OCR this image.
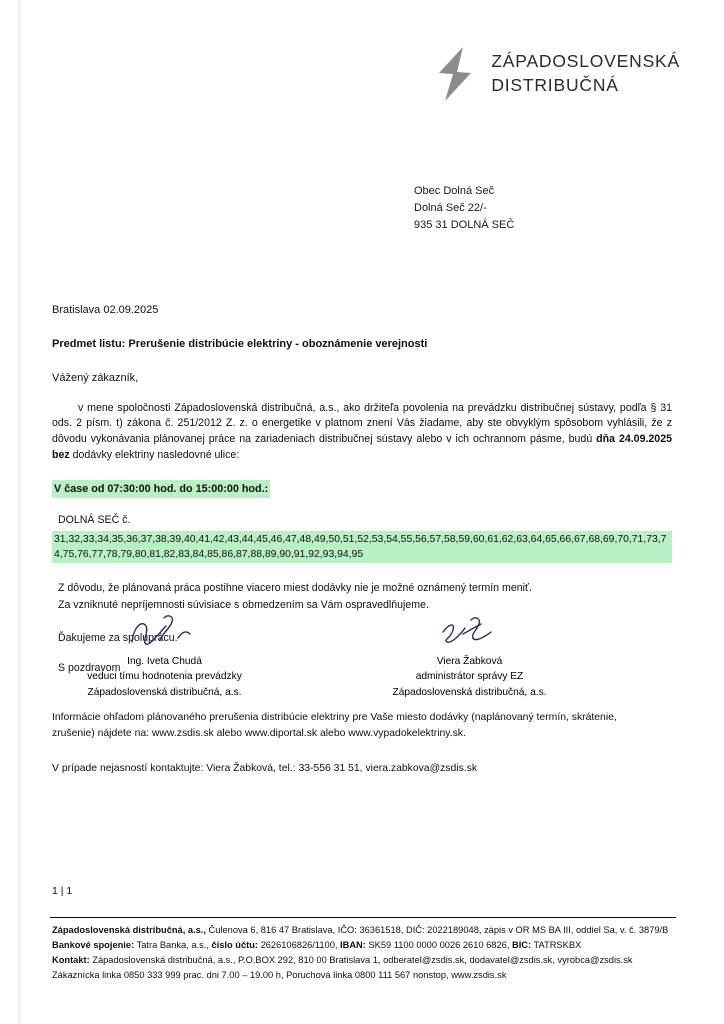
ZÁPADOSLOVENSKÁ
DISTRIBUČNÁ
Obec Dolná Seč
Dolná Seč 22/-
935 31 DOLNÁ SEČ
Bratislava 02.09.2025
Predmet listu: Prerušenie distribúcie elektriny - oboznámenie verejnosti
Vážený zákazník,
v mene spoločnosti Západoslovenská distribučná, a.s., ako držiteľa povolenia na prevádzku distribučnej sústavy, podľa § 31 ods. 2 písm. t) zákona č. 251/2012 Z. z. o energetike v platnom znení Vás žiadame, aby ste obvyklým spôsobom vyhlásili, že z dôvodu vykonávania plánovanej práce na zariadeniach distribučnej sústavy alebo v ich ochrannom pásme, budú dňa 24.09.2025 bez dodávky elektriny nasledovné ulice:
V čase od 07:30:00 hod. do 15:00:00 hod.:
DOLNÁ SEČ č.
31,32,33,34,35,36,37,38,39,40,41,42,43,44,45,46,47,48,49,50,51,52,53,54,55,56,57,58,59,60,61,62,63,64,65,66,67,68,69,70,71,73,74,75,76,77,78,79,80,81,82,83,84,85,86,87,88,89,90,91,92,93,94,95
Z dôvodu, že plánovaná práca postihne viacero miest dodávky nie je možné oznámený termín meniť.
Za vzniknuté nepríjemnosti súvisiace s obmedzením sa Vám ospravedlňujeme.
Ďakujeme za spoluprácu.
S pozdravom
Ing. Iveta Chudá
veduci tímu hodnotenia prevádzky
Západoslovenská distribučná, a.s.
Viera Žabková
administrátor správy EZ
Západoslovenská distribučná, a.s.
Informácie ohľadom plánovaného prerušenia distribúcie elektriny pre Vaše miesto dodávky (naplánovaný termín, skrátenie,
zrušenie) nájdete na: www.zsdis.sk alebo www.diportal.sk alebo www.vypadokelektriny.sk.
V prípade nejasností kontaktujte: Viera Žabková, tel.: 33-556 31 51, viera.zabkova@zsdis.sk
1 | 1
Západoslovenská distribučná, a.s., Čulenova 6, 816 47 Bratislava, IČO: 36361518, DIČ: 2022189048, zápis v OR MS BA III, oddiel Sa, v. č. 3879/B
Bankové spojenie: Tatra Banka, a.s., číslo účtu: 2626106826/1100, IBAN: SK59 1100 0000 0026 2610 6826, BIC: TATRSKBX
Kontakt: Západoslovenská distribučná, a.s., P.O.BOX 292, 810 00 Bratislava 1, odberatel@zsdis.sk, dodavatel@zsdis.sk, vyrobca@zsdis.sk
Zákaznícka linka 0850 333 999 prac. dni 7.00 – 19.00 h, Poruchová linka 0800 111 567 nonstop, www.zsdis.sk
